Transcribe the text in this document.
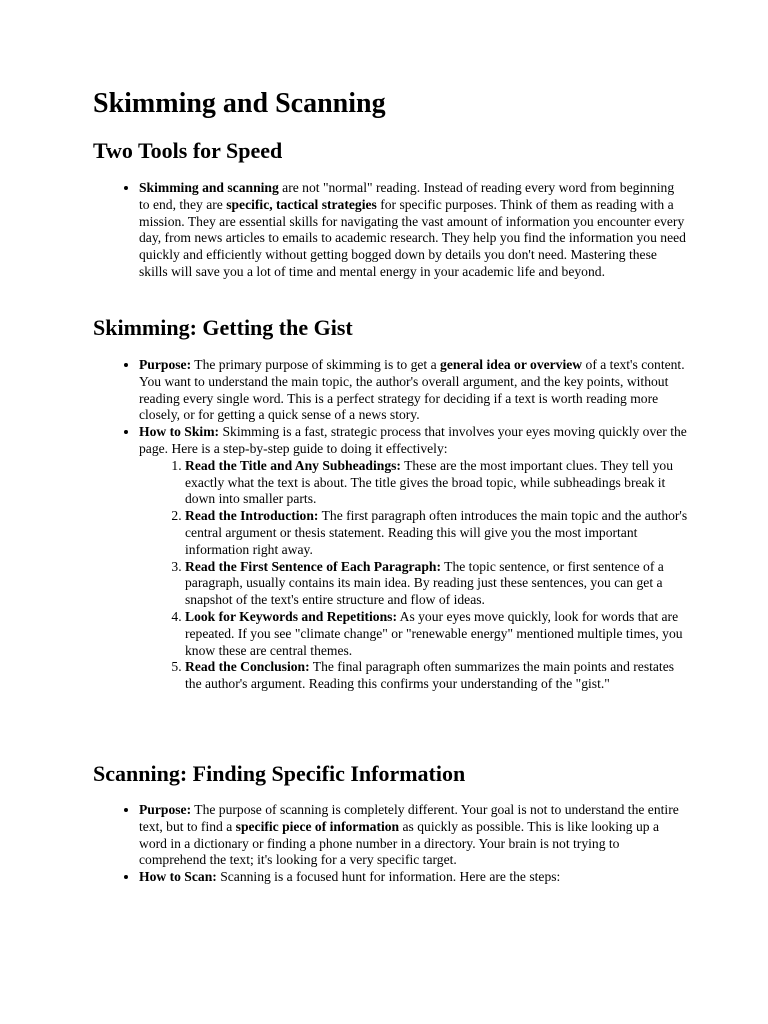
Skimming and Scanning
Two Tools for Speed
• Skimming and scanning are not "normal" reading. Instead of reading every word from beginning to end, they are specific, tactical strategies for specific purposes. Think of them as reading with a mission. They are essential skills for navigating the vast amount of information you encounter every day, from news articles to emails to academic research. They help you find the information you need quickly and efficiently without getting bogged down by details you don't need. Mastering these skills will save you a lot of time and mental energy in your academic life and beyond.
Skimming: Getting the Gist
• Purpose: The primary purpose of skimming is to get a general idea or overview of a text's content. You want to understand the main topic, the author's overall argument, and the key points, without reading every single word. This is a perfect strategy for deciding if a text is worth reading more closely, or for getting a quick sense of a news story.
• How to Skim: Skimming is a fast, strategic process that involves your eyes moving quickly over the page. Here is a step-by-step guide to doing it effectively:
1. Read the Title and Any Subheadings: These are the most important clues. They tell you exactly what the text is about. The title gives the broad topic, while subheadings break it down into smaller parts.
2. Read the Introduction: The first paragraph often introduces the main topic and the author's central argument or thesis statement. Reading this will give you the most important information right away.
3. Read the First Sentence of Each Paragraph: The topic sentence, or first sentence of a paragraph, usually contains its main idea. By reading just these sentences, you can get a snapshot of the text's entire structure and flow of ideas.
4. Look for Keywords and Repetitions: As your eyes move quickly, look for words that are repeated. If you see "climate change" or "renewable energy" mentioned multiple times, you know these are central themes.
5. Read the Conclusion: The final paragraph often summarizes the main points and restates the author's argument. Reading this confirms your understanding of the "gist."
Scanning: Finding Specific Information
• Purpose: The purpose of scanning is completely different. Your goal is not to understand the entire text, but to find a specific piece of information as quickly as possible. This is like looking up a word in a dictionary or finding a phone number in a directory. Your brain is not trying to comprehend the text; it's looking for a very specific target.
• How to Scan: Scanning is a focused hunt for information. Here are the steps:
